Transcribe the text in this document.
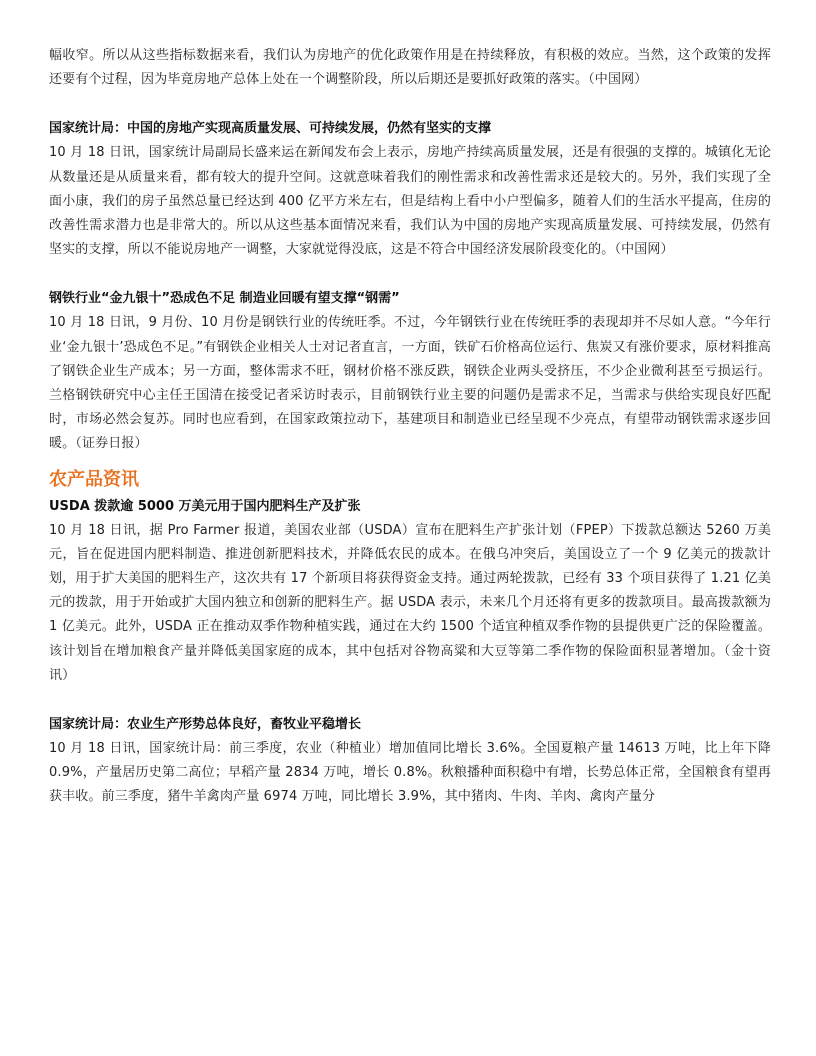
幅收窄。所以从这些指标数据来看，我们认为房地产的优化政策作用是在持续释放，有积极的效应。当然，这个政策的发挥还要有个过程，因为毕竟房地产总体上处在一个调整阶段，所以后期还是要抓好政策的落实。（中国网）

国家统计局：中国的房地产实现高质量发展、可持续发展，仍然有坚实的支撑

10 月 18 日讯，国家统计局副局长盛来运在新闻发布会上表示，房地产持续高质量发展，还是有很强的支撑的。城镇化无论从数量还是从质量来看，都有较大的提升空间。这就意味着我们的刚性需求和改善性需求还是较大的。另外，我们实现了全面小康，我们的房子虽然总量已经达到 400 亿平方米左右，但是结构上看中小户型偏多，随着人们的生活水平提高，住房的改善性需求潜力也是非常大的。所以从这些基本面情况来看，我们认为中国的房地产实现高质量发展、可持续发展，仍然有坚实的支撑，所以不能说房地产一调整，大家就觉得没底，这是不符合中国经济发展阶段变化的。（中国网）

钢铁行业“金九银十”恐成色不足 制造业回暖有望支撑“钢需”

10 月 18 日讯，9 月份、10 月份是钢铁行业的传统旺季。不过，今年钢铁行业在传统旺季的表现却并不尽如人意。“今年行业‘金九银十’恐成色不足。”有钢铁企业相关人士对记者直言，一方面，铁矿石价格高位运行、焦炭又有涨价要求，原材料推高了钢铁企业生产成本；另一方面，整体需求不旺，钢材价格不涨反跌，钢铁企业两头受挤压，不少企业微利甚至亏损运行。兰格钢铁研究中心主任王国清在接受记者采访时表示，目前钢铁行业主要的问题仍是需求不足，当需求与供给实现良好匹配时，市场必然会复苏。同时也应看到，在国家政策拉动下，基建项目和制造业已经呈现不少亮点，有望带动钢铁需求逐步回暖。（证券日报）

农产品资讯
USDA 拨款逾 5000 万美元用于国内肥料生产及扩张

10 月 18 日讯，据 Pro Farmer 报道，美国农业部（USDA）宣布在肥料生产扩张计划（FPEP）下拨款总额达 5260 万美元，旨在促进国内肥料制造、推进创新肥料技术，并降低农民的成本。在俄乌冲突后，美国设立了一个 9 亿美元的拨款计划，用于扩大美国的肥料生产，这次共有 17 个新项目将获得资金支持。通过两轮拨款，已经有 33 个项目获得了 1.21 亿美元的拨款，用于开始或扩大国内独立和创新的肥料生产。据 USDA 表示，未来几个月还将有更多的拨款项目。最高拨款额为 1 亿美元。此外，USDA 正在推动双季作物种植实践，通过在大约 1500 个适宜种植双季作物的县提供更广泛的保险覆盖。该计划旨在增加粮食产量并降低美国家庭的成本，其中包括对谷物高粱和大豆等第二季作物的保险面积显著增加。（金十资讯）

国家统计局：农业生产形势总体良好，畜牧业平稳增长

10 月 18 日讯，国家统计局：前三季度，农业（种植业）增加值同比增长 3.6%。全国夏粮产量 14613 万吨，比上年下降 0.9%，产量居历史第二高位；早稻产量 2834 万吨，增长 0.8%。秋粮播种面积稳中有增，长势总体正常，全国粮食有望再获丰收。前三季度，猪牛羊禽肉产量 6974 万吨，同比增长 3.9%，其中猪肉、牛肉、羊肉、禽肉产量分
